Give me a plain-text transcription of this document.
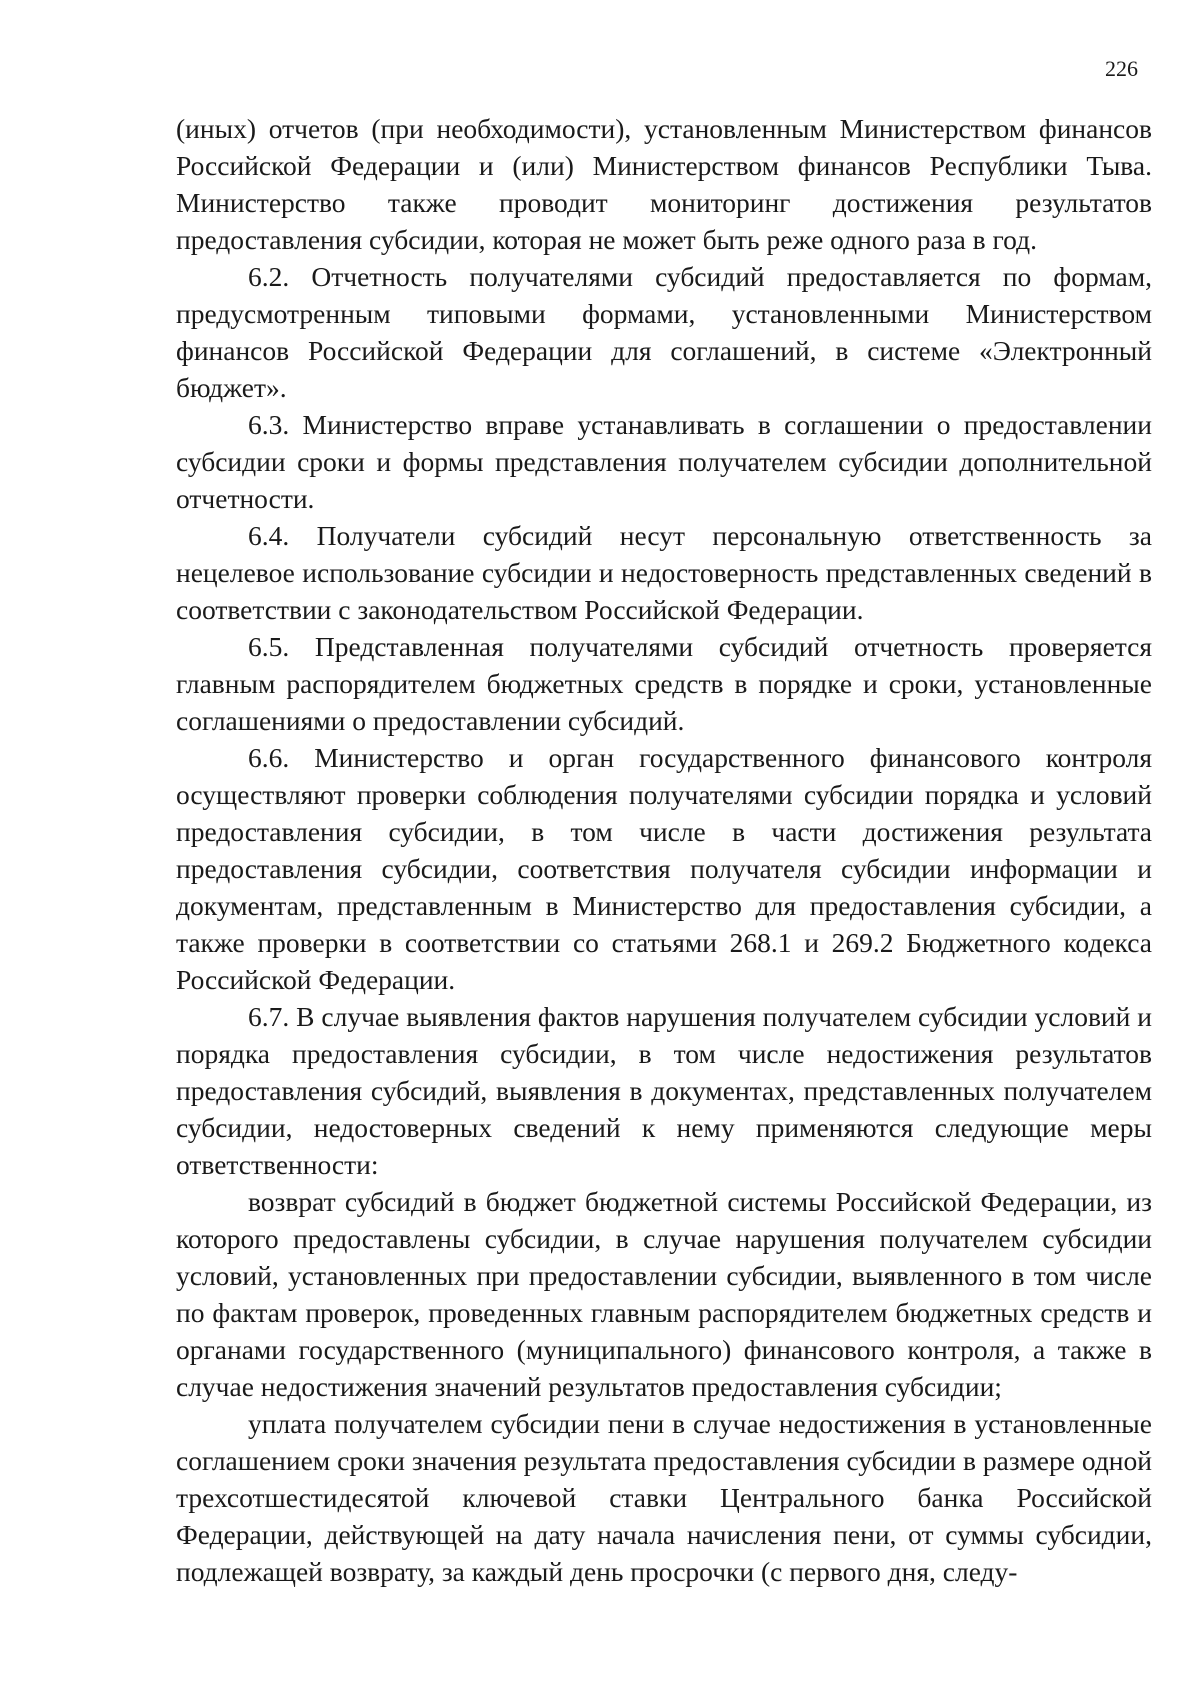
226

(иных) отчетов (при необходимости), установленным Министерством финансов Российской Федерации и (или) Министерством финансов Республики Тыва. Министерство также проводит мониторинг достижения результатов предоставления субсидии, которая не может быть реже одного раза в год.

6.2. Отчетность получателями субсидий предоставляется по формам, предусмотренным типовыми формами, установленными Министерством финансов Российской Федерации для соглашений, в системе «Электронный бюджет».

6.3. Министерство вправе устанавливать в соглашении о предоставлении субсидии сроки и формы представления получателем субсидии дополнительной отчетности.

6.4. Получатели субсидий несут персональную ответственность за нецелевое использование субсидии и недостоверность представленных сведений в соответствии с законодательством Российской Федерации.

6.5. Представленная получателями субсидий отчетность проверяется главным распорядителем бюджетных средств в порядке и сроки, установленные соглашениями о предоставлении субсидий.

6.6. Министерство и орган государственного финансового контроля осуществляют проверки соблюдения получателями субсидии порядка и условий предоставления субсидии, в том числе в части достижения результата предоставления субсидии, соответствия получателя субсидии информации и документам, представленным в Министерство для предоставления субсидии, а также проверки в соответствии со статьями 268.1 и 269.2 Бюджетного кодекса Российской Федерации.

6.7. В случае выявления фактов нарушения получателем субсидии условий и порядка предоставления субсидии, в том числе недостижения результатов предоставления субсидий, выявления в документах, представленных получателем субсидии, недостоверных сведений к нему применяются следующие меры ответственности:

возврат субсидий в бюджет бюджетной системы Российской Федерации, из которого предоставлены субсидии, в случае нарушения получателем субсидии условий, установленных при предоставлении субсидии, выявленного в том числе по фактам проверок, проведенных главным распорядителем бюджетных средств и органами государственного (муниципального) финансового контроля, а также в случае недостижения значений результатов предоставления субсидии;

уплата получателем субсидии пени в случае недостижения в установленные соглашением сроки значения результата предоставления субсидии в размере одной трехсотшестидесятой ключевой ставки Центрального банка Российской Федерации, действующей на дату начала начисления пени, от суммы субсидии, подлежащей возврату, за каждый день просрочки (с первого дня, следу-
